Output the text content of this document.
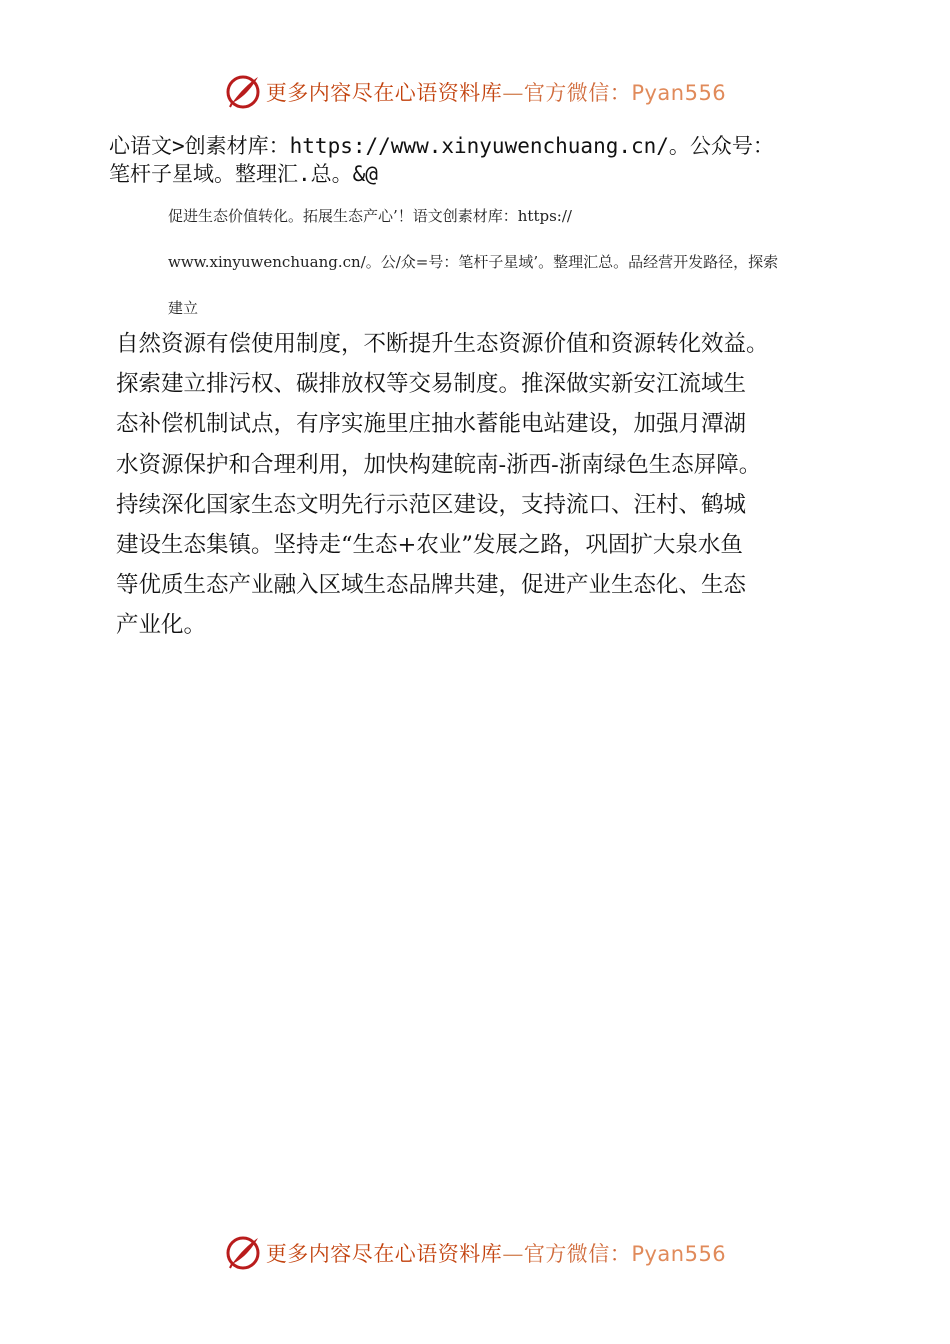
更多内容尽在心语资料库—官方微信：Pyan556
心语文>创素材库：https://www.xinyuwenchuang.cn/。公众号：
笔杆子星域。整理汇.总。&@
促进生态价值转化。拓展生态产心’！语文创素材库：https://
www.xinyuwenchuang.cn/。公/众=号：笔杆子星域’。整理汇总。品经营开发路径，探索
建立
自然资源有偿使用制度，不断提升生态资源价值和资源转化效益。
探索建立排污权、碳排放权等交易制度。推深做实新安江流域生
态补偿机制试点，有序实施里庄抽水蓄能电站建设，加强月潭湖
水资源保护和合理利用，加快构建皖南-浙西-浙南绿色生态屏障。
持续深化国家生态文明先行示范区建设，支持流口、汪村、鹤城
建设生态集镇。坚持走“生态+农业”发展之路，巩固扩大泉水鱼
等优质生态产业融入区域生态品牌共建，促进产业生态化、生态
产业化。
更多内容尽在心语资料库—官方微信：Pyan556
